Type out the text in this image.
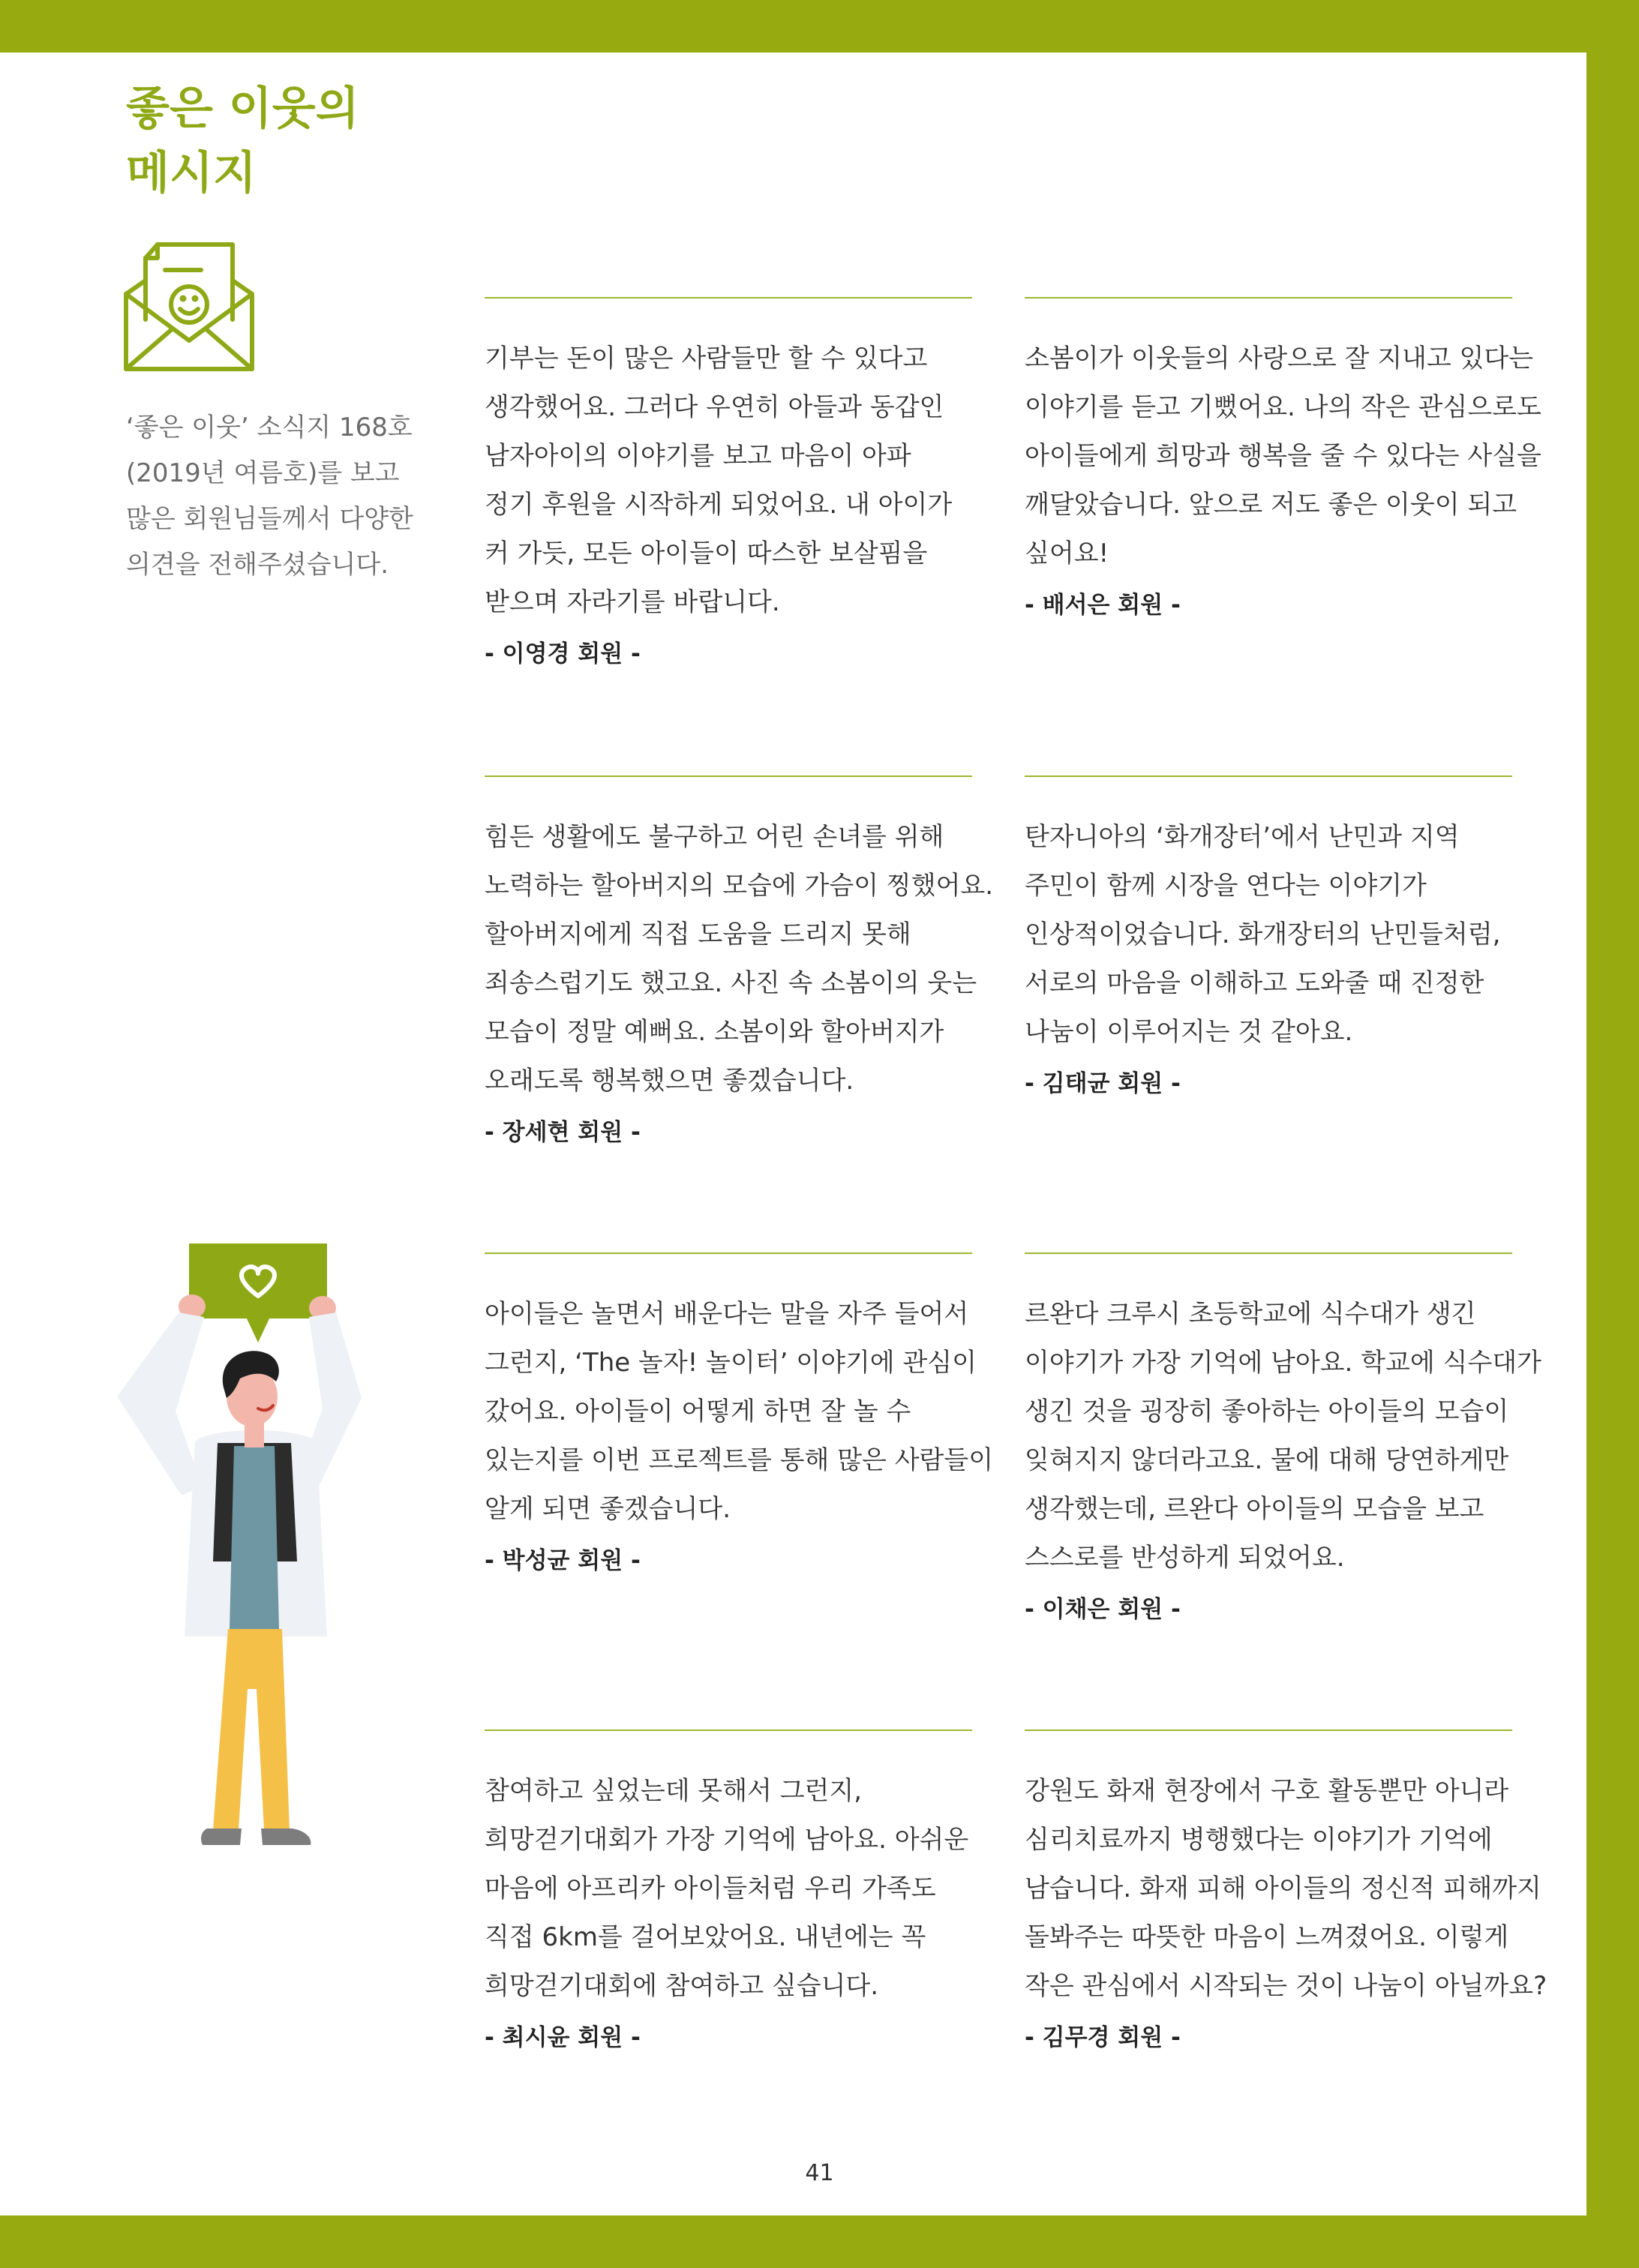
좋은 이웃의
메시지

‘좋은 이웃’ 소식지 168호
(2019년 여름호)를 보고
많은 회원님들께서 다양한
의견을 전해주셨습니다.

기부는 돈이 많은 사람들만 할 수 있다고
생각했어요. 그러다 우연히 아들과 동갑인
남자아이의 이야기를 보고 마음이 아파
정기 후원을 시작하게 되었어요. 내 아이가
커 가듯, 모든 아이들이 따스한 보살핌을
받으며 자라기를 바랍니다.

- 이영경 회원 -

소봄이가 이웃들의 사랑으로 잘 지내고 있다는
이야기를 듣고 기뻤어요. 나의 작은 관심으로도
아이들에게 희망과 행복을 줄 수 있다는 사실을
깨달았습니다. 앞으로 저도 좋은 이웃이 되고
싶어요!

- 배서은 회원 -

힘든 생활에도 불구하고 어린 손녀를 위해
노력하는 할아버지의 모습에 가슴이 찡했어요.
할아버지에게 직접 도움을 드리지 못해
죄송스럽기도 했고요. 사진 속 소봄이의 웃는
모습이 정말 예뻐요. 소봄이와 할아버지가
오래도록 행복했으면 좋겠습니다.

- 장세현 회원 -

탄자니아의 ‘화개장터’에서 난민과 지역
주민이 함께 시장을 연다는 이야기가
인상적이었습니다. 화개장터의 난민들처럼,
서로의 마음을 이해하고 도와줄 때 진정한
나눔이 이루어지는 것 같아요.

- 김태균 회원 -

아이들은 놀면서 배운다는 말을 자주 들어서
그런지, ‘The 놀자! 놀이터’ 이야기에 관심이
갔어요. 아이들이 어떻게 하면 잘 놀 수
있는지를 이번 프로젝트를 통해 많은 사람들이
알게 되면 좋겠습니다.

- 박성균 회원 -

르완다 크루시 초등학교에 식수대가 생긴
이야기가 가장 기억에 남아요. 학교에 식수대가
생긴 것을 굉장히 좋아하는 아이들의 모습이
잊혀지지 않더라고요. 물에 대해 당연하게만
생각했는데, 르완다 아이들의 모습을 보고
스스로를 반성하게 되었어요.

- 이채은 회원 -

참여하고 싶었는데 못해서 그런지,
희망걷기대회가 가장 기억에 남아요. 아쉬운
마음에 아프리카 아이들처럼 우리 가족도
직접 6km를 걸어보았어요. 내년에는 꼭
희망걷기대회에 참여하고 싶습니다.

- 최시윤 회원 -

강원도 화재 현장에서 구호 활동뿐만 아니라
심리치료까지 병행했다는 이야기가 기억에
남습니다. 화재 피해 아이들의 정신적 피해까지
돌봐주는 따뜻한 마음이 느껴졌어요. 이렇게
작은 관심에서 시작되는 것이 나눔이 아닐까요?

- 김무경 회원 -
41
